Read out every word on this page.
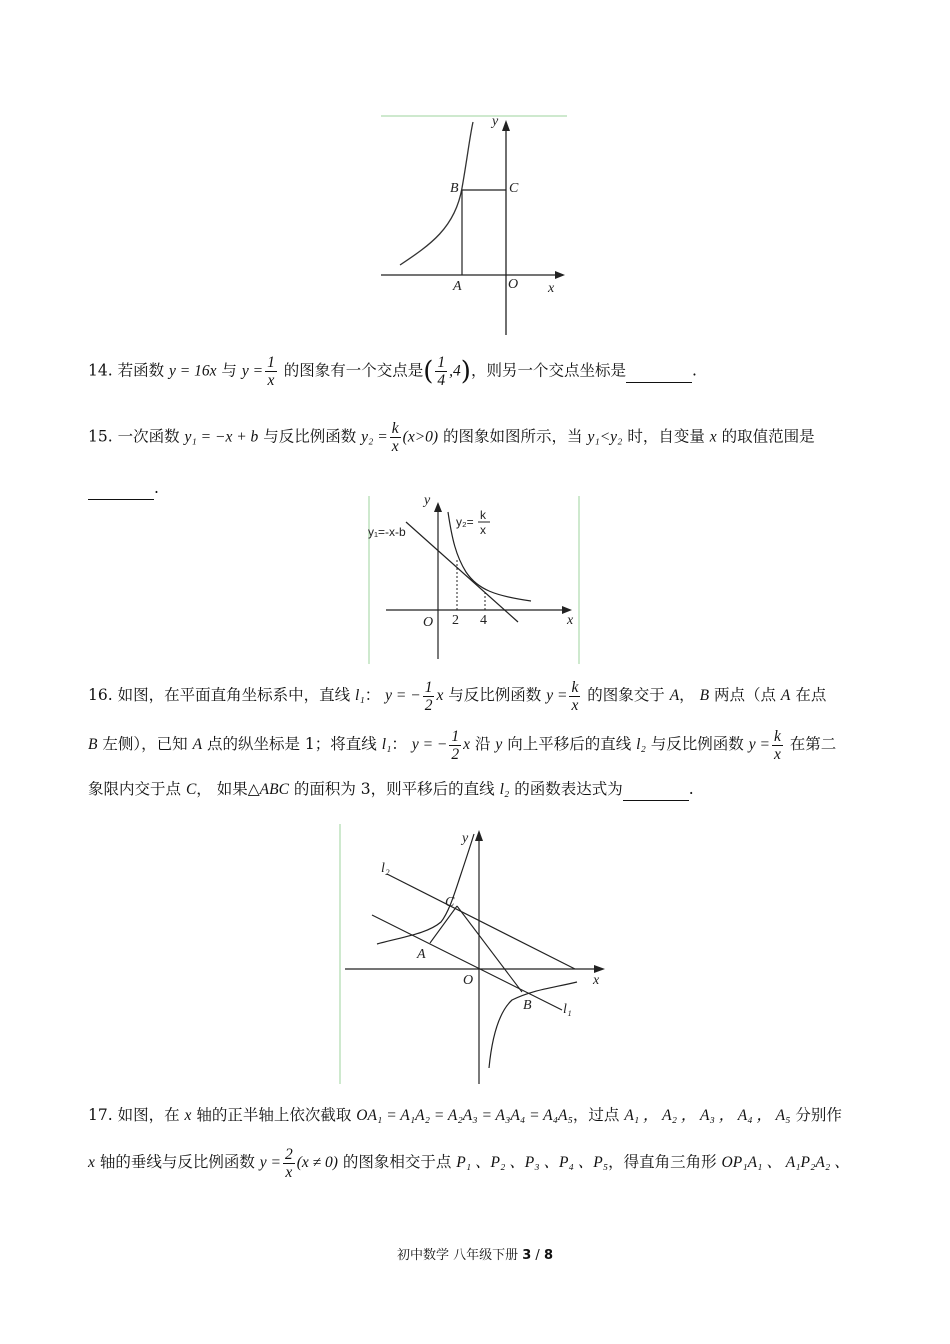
y
x
B	C
A	O
14. 若函数 y = 16x 与 $y = \frac{1}{x}$ 的图象有一个交点是( $\frac{1}{4} ,4$)，则另一个交点坐标是	.
15. 一次函数 y₁ = −x + b 与反比例函数 $y_2 = \frac{k}{x} (x>0)$ 的图象如图所示，当 y₁<y₂ 时，自变量 x 的取值范围是
.
y
x
O 2 4
y₁=-x-b
y₂= k
x
16. 如图，在平面直角坐标系中，直线 l₁： y = − $\frac{1}{2}$ x 与反比例函数 $y = \frac{k}{x}$ 的图象交于 A， B 两点（点 A 在点
B 左侧），已知 A 点的纵坐标是 1；将直线 l₁： y = − $\frac{1}{2}$ x 沿 y 向上平移后的直线 l₂ 与反比例函数 $y = \frac{k}{x}$ 在第二
象限内交于点 C， 如果△ABC 的面积为 3，则平移后的直线 l₂ 的函数表达式为	.
y
x
O
A
B
C
l₁
l₂
17. 如图，在 x 轴的正半轴上依次截取 OA₁ = A₁A₂ = A₂A₃ = A₃A₄ = A₄A₅，过点 A₁ ， A₂ ， A₃ ， A₄ ， A₅ 分别作
x 轴的垂线与反比例函数 $y = \frac{2}{x} (x \ne 0)$ 的图象相交于点 P₁ 、P₂ 、P₃ 、P₄ 、P₅，得直角三角形 OP₁A₁ 、 A₁P₂A₂ 、
初中数学 八年级下册 3 / 8
